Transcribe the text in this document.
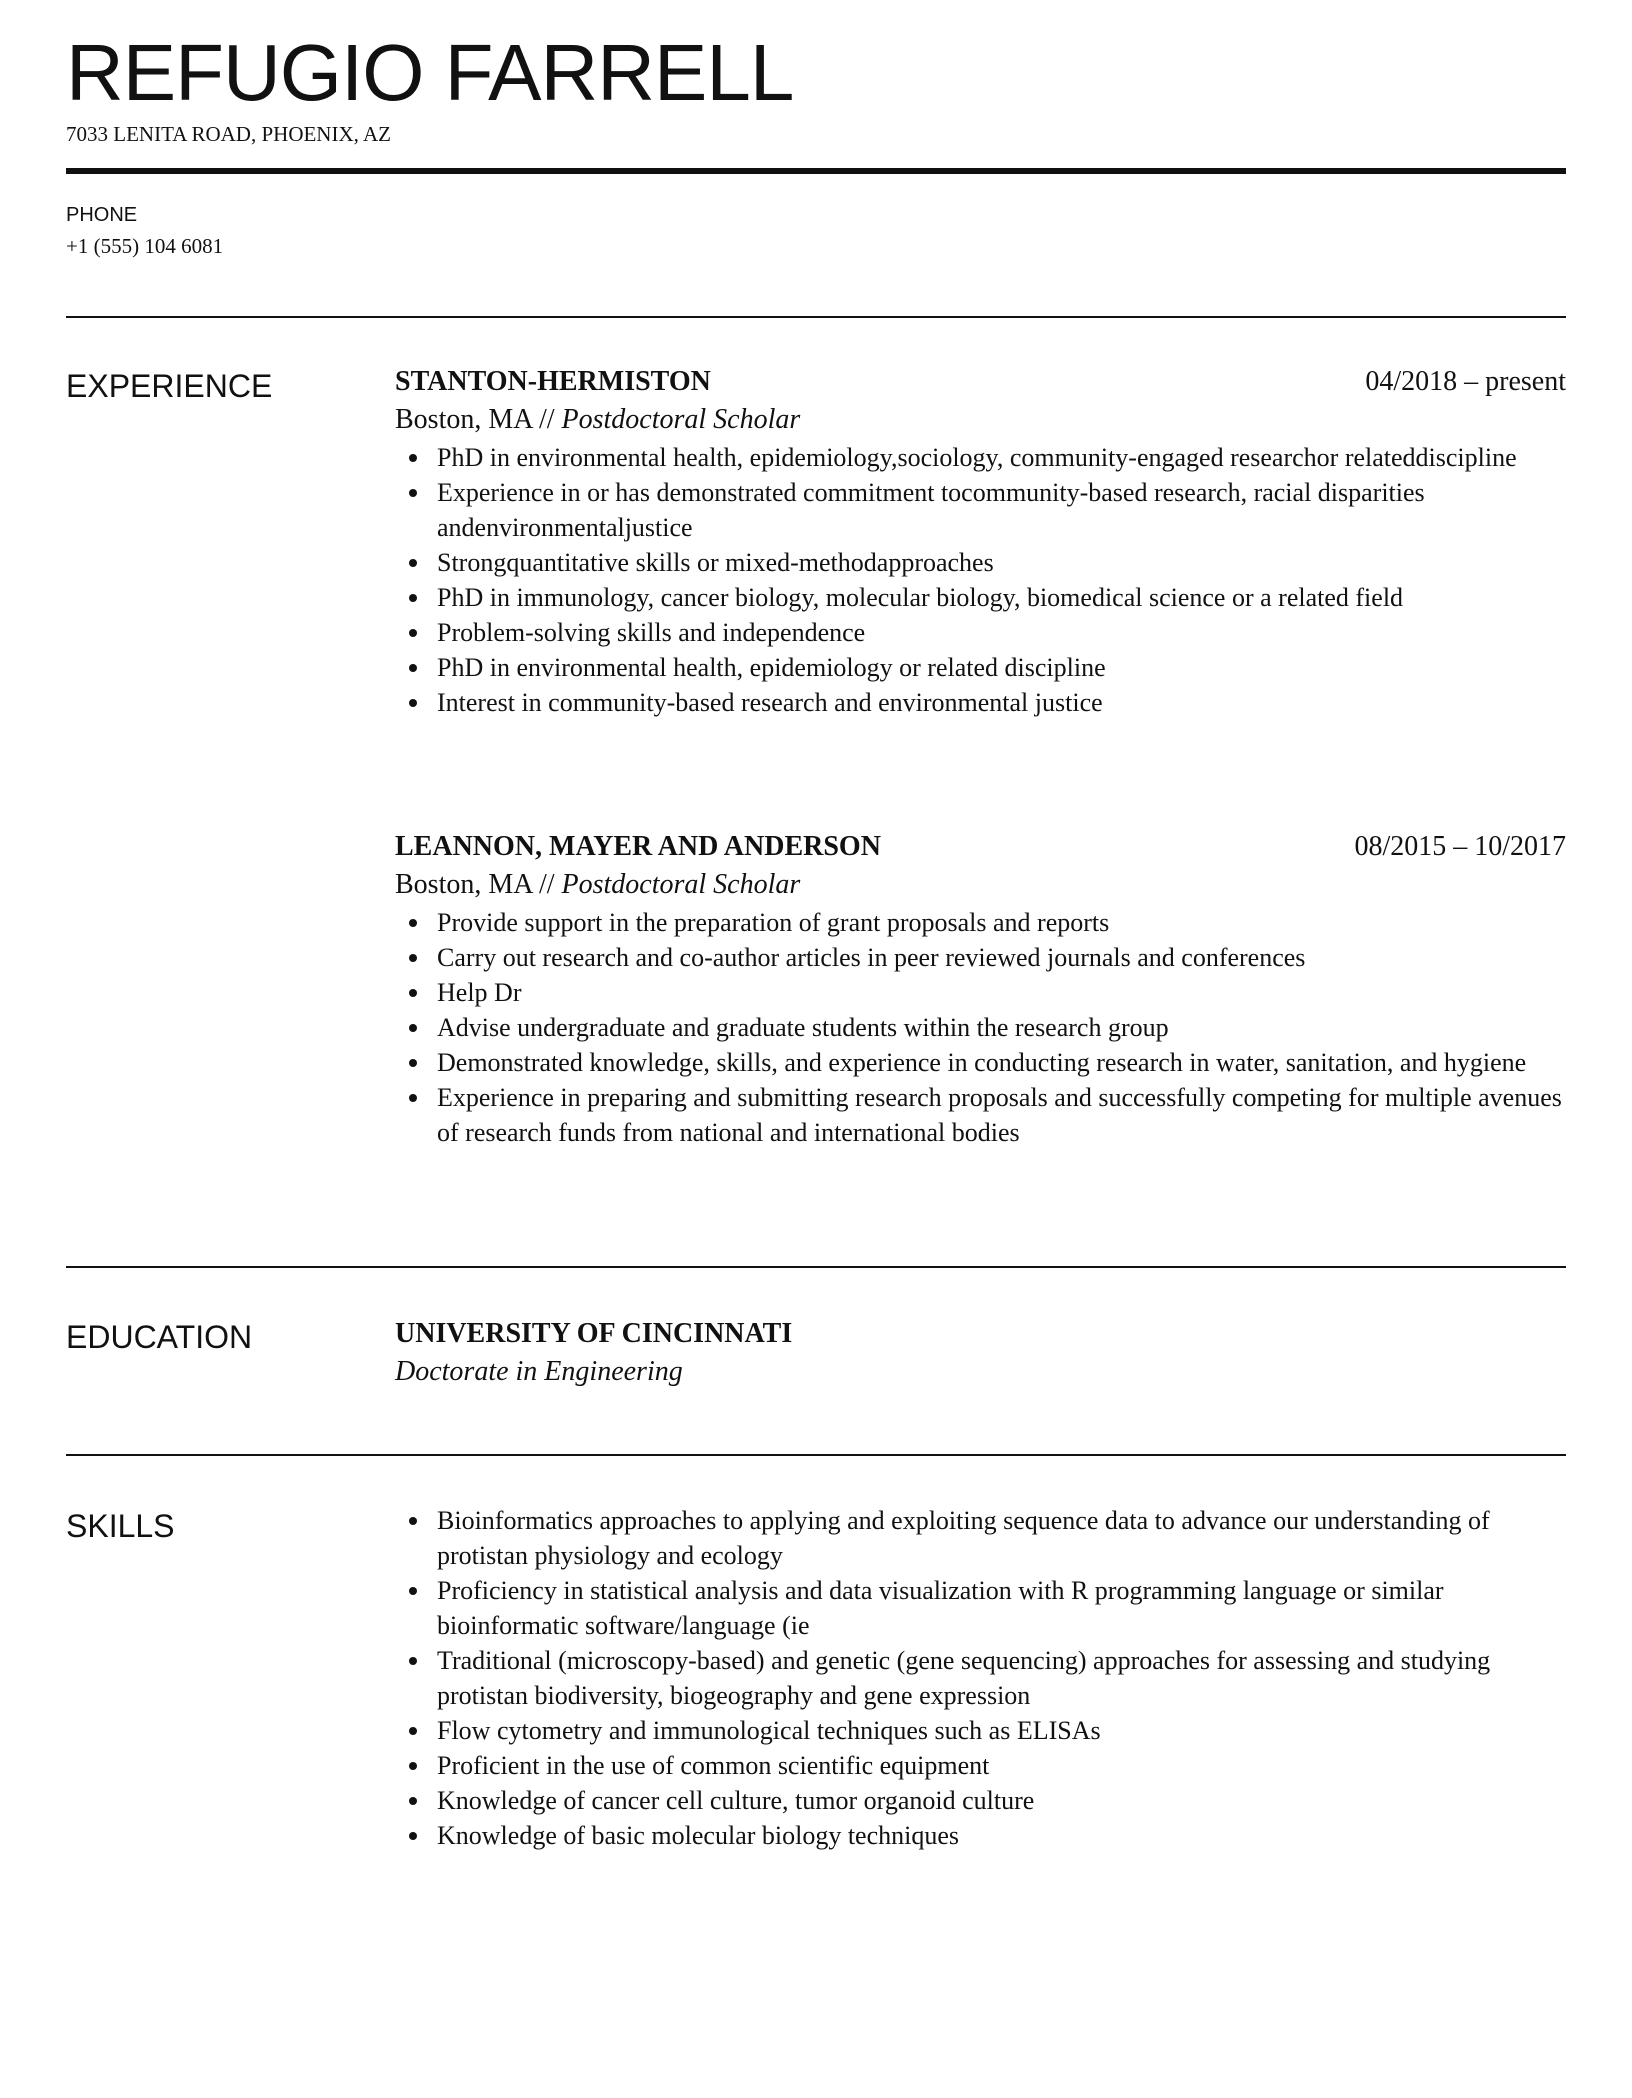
REFUGIO FARRELL
7033 LENITA ROAD, PHOENIX, AZ
PHONE
+1 (555) 104 6081
EXPERIENCE	STANTON-HERMISTON	04/2018 – present
Boston, MA // Postdoctoral Scholar
PhD in environmental health, epidemiology,sociology, community-engaged researchor relateddiscipline
Experience in or has demonstrated commitment tocommunity-based research, racial disparities andenvironmentaljustice
Strongquantitative skills or mixed-methodapproaches
PhD in immunology, cancer biology, molecular biology, biomedical science or a related field
Problem-solving skills and independence
PhD in environmental health, epidemiology or related discipline
Interest in community-based research and environmental justice
LEANNON, MAYER AND ANDERSON	08/2015 – 10/2017
Boston, MA // Postdoctoral Scholar
Provide support in the preparation of grant proposals and reports
Carry out research and co-author articles in peer reviewed journals and conferences
Help Dr
Advise undergraduate and graduate students within the research group
Demonstrated knowledge, skills, and experience in conducting research in water, sanitation, and hygiene
Experience in preparing and submitting research proposals and successfully competing for multiple avenues of research funds from national and international bodies
EDUCATION	UNIVERSITY OF CINCINNATI
Doctorate in Engineering
SKILLS	Bioinformatics approaches to applying and exploiting sequence data to advance our understanding of protistan physiology and ecology
Proficiency in statistical analysis and data visualization with R programming language or similar bioinformatic software/language (ie
Traditional (microscopy-based) and genetic (gene sequencing) approaches for assessing and studying protistan biodiversity, biogeography and gene expression
Flow cytometry and immunological techniques such as ELISAs
Proficient in the use of common scientific equipment
Knowledge of cancer cell culture, tumor organoid culture
Knowledge of basic molecular biology techniques
